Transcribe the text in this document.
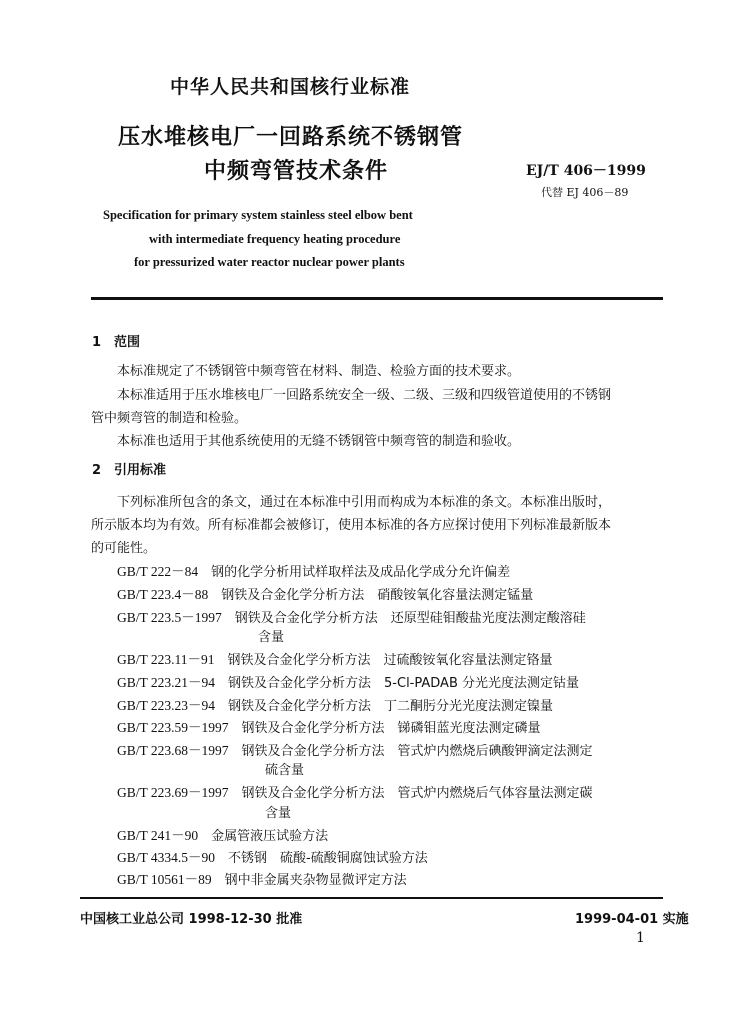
中华人民共和国核行业标准
压水堆核电厂一回路系统不锈钢管
中频弯管技术条件	EJ/T 406－1999
代替 EJ 406－89
Specification for primary system stainless steel elbow bent
with intermediate frequency heating procedure
for pressurized water reactor nuclear power plants
1 范围
本标准规定了不锈钢管中频弯管在材料、制造、检验方面的技术要求。
本标准适用于压水堆核电厂一回路系统安全一级、二级、三级和四级管道使用的不锈钢
管中频弯管的制造和检验。
本标准也适用于其他系统使用的无缝不锈钢管中频弯管的制造和验收。
2 引用标准
下列标准所包含的条文，通过在本标准中引用而构成为本标准的条文。本标准出版时，
所示版本均为有效。所有标准都会被修订，使用本标准的各方应探讨使用下列标准最新版本
的可能性。
GB/T 222－84　 钢的化学分析用试样取样法及成品化学成分允许偏差
GB/T 223.4－88　 钢铁及合金化学分析方法　硝酸铵氧化容量法测定锰量
GB/T 223.5－1997　 钢铁及合金化学分析方法　还原型硅钼酸盐光度法测定酸溶硅
含量
GB/T 223.11－91　 钢铁及合金化学分析方法　过硫酸铵氧化容量法测定铬量
GB/T 223.21－94　 钢铁及合金化学分析方法　5-Cl-PADAB 分光光度法测定钴量
GB/T 223.23－94　 钢铁及合金化学分析方法　丁二酮肟分光光度法测定镍量
GB/T 223.59－1997　 钢铁及合金化学分析方法　锑磷钼蓝光度法测定磷量
GB/T 223.68－1997　 钢铁及合金化学分析方法　管式炉内燃烧后碘酸钾滴定法测定
硫含量
GB/T 223.69－1997　 钢铁及合金化学分析方法　管式炉内燃烧后气体容量法测定碳
含量
GB/T 241－90　 金属管液压试验方法
GB/T 4334.5－90　 不锈钢　硫酸-硫酸铜腐蚀试验方法
GB/T 10561－89　 钢中非金属夹杂物显微评定方法
中国核工业总公司 1998-12-30 批准	1999-04-01 实施
1
